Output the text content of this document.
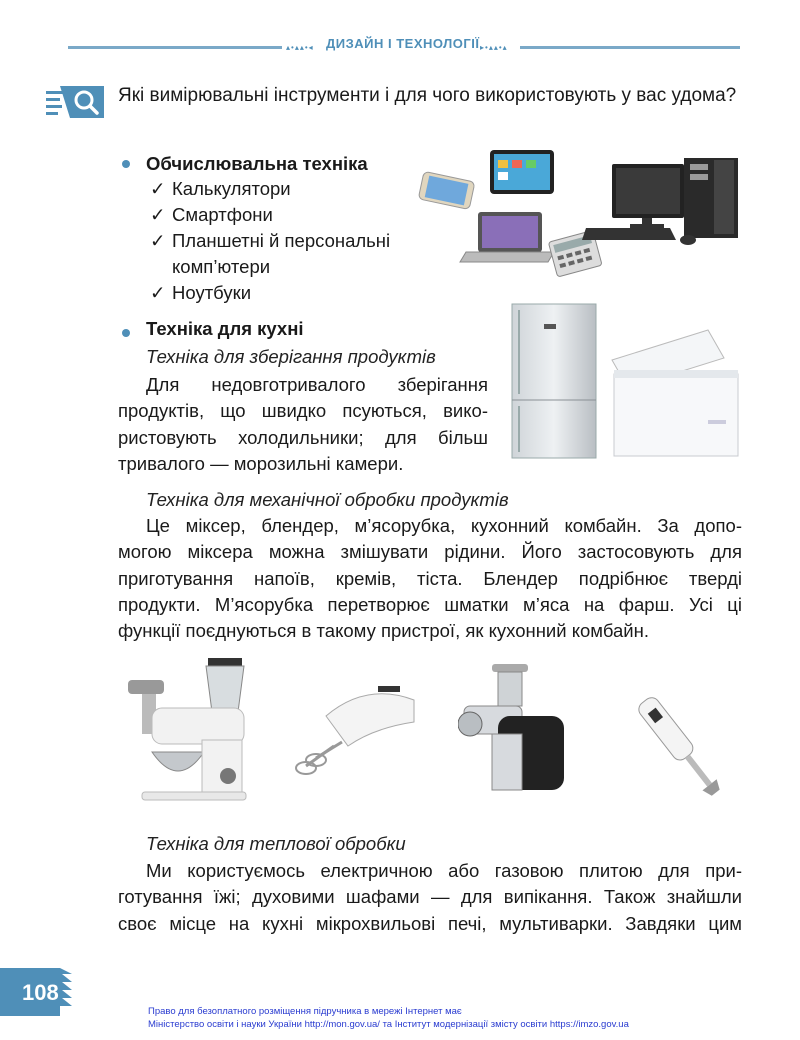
▴•▴▴•◂ ДИЗАЙН І ТЕХНОЛОГІЇ ▸•▴▴•▴
Які вимірювальні інструменти і для чого використовують у вас удома?
Обчислювальна техніка
✓ Калькулятори
✓ Смартфони
✓ Планшетні й персональні
комп’ютери
✓ Ноутбуки
Техніка для кухні
Техніка для зберігання продуктів
Для недовготривалого зберігання
продуктів, що швидко псуються, вико-
ристовують холодильники; для більш
тривалого — морозильні камери.
Техніка для механічної обробки продуктів
Це міксер, блендер, м’ясорубка, кухонний комбайн. За допо-
могою міксера можна змішувати рідини. Його застосовують для
приготування напоїв, кремів, тіста. Блендер подрібнює тверді
продукти. М’ясорубка перетворює шматки м’яса на фарш. Усі ці
функції поєднуються в такому пристрої, як кухонний комбайн.
Техніка для теплової обробки
Ми користуємось електричною або газовою плитою для при-
готування їжі; духовими шафами — для випікання. Також знайшли
своє місце на кухні мікрохвильові печі, мультиварки. Завдяки цим
108
Право для безоплатного розміщення підручника в мережі Інтернет має
Міністерство освіти і науки України http://mon.gov.ua/ та Інститут модернізації змісту освіти https://imzo.gov.ua
